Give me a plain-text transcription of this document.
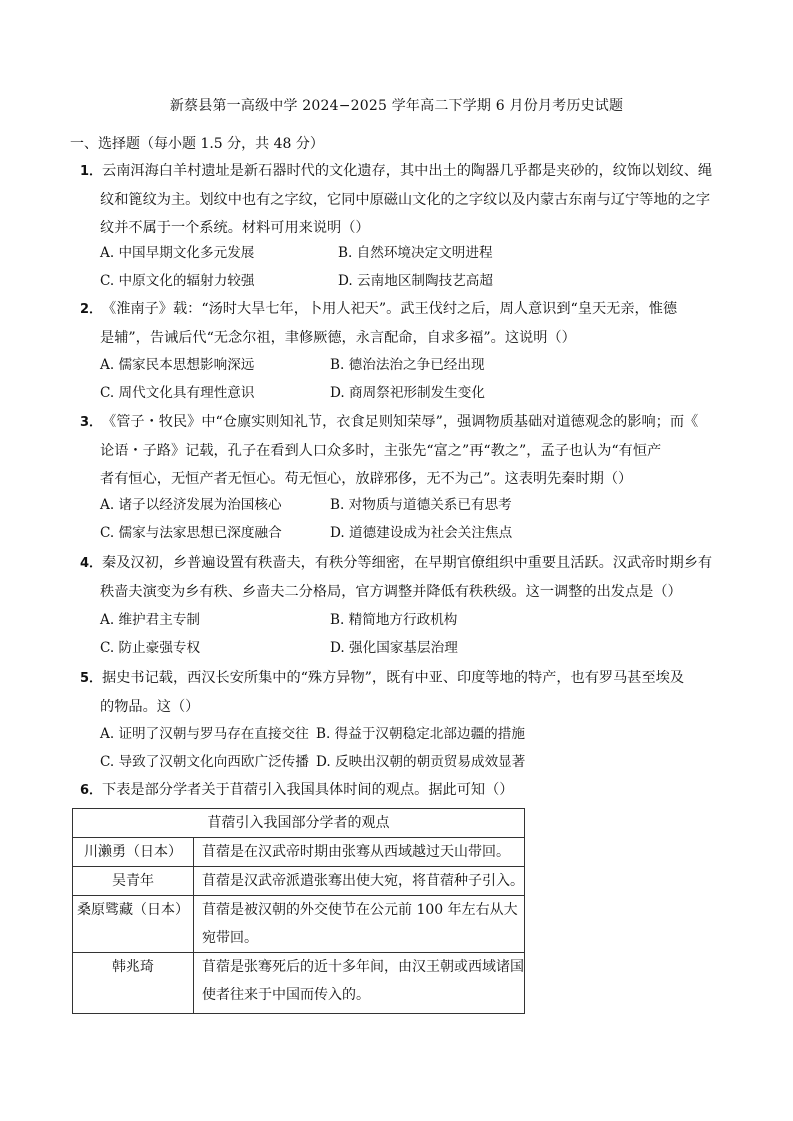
新蔡县第一高级中学 2024−2025 学年高二下学期 6 月份月考历史试题
一、选择题（每小题 1.5 分，共 48 分）
1．云南洱海白羊村遗址是新石器时代的文化遗存，其中出土的陶器几乎都是夹砂的，纹饰以划纹、绳
纹和篦纹为主。划纹中也有之字纹，它同中原磁山文化的之字纹以及内蒙古东南与辽宁等地的之字
纹并不属于一个系统。材料可用来说明（）
A. 中国早期文化多元发展	B. 自然环境决定文明进程
C. 中原文化的辐射力较强	D. 云南地区制陶技艺高超
2．《淮南子》载：“汤时大旱七年，卜用人祀天”。武王伐纣之后，周人意识到“皇天无亲，惟德
是辅”，告诫后代“无念尔祖，聿修厥德，永言配命，自求多福”。这说明（）
A. 儒家民本思想影响深远	B. 德治法治之争已经出现
C. 周代文化具有理性意识	D. 商周祭祀形制发生变化
3．《管子・牧民》中“仓廪实则知礼节，衣食足则知荣辱”，强调物质基础对道德观念的影响；而《
论语・子路》记载，孔子在看到人口众多时，主张先“富之”再“教之”，孟子也认为“有恒产
者有恒心，无恒产者无恒心。苟无恒心，放辟邪侈，无不为己”。这表明先秦时期（）
A. 诸子以经济发展为治国核心	B. 对物质与道德关系已有思考
C. 儒家与法家思想已深度融合	D. 道德建设成为社会关注焦点
4．秦及汉初，乡普遍设置有秩啬夫，有秩分等细密，在早期官僚组织中重要且活跃。汉武帝时期乡有
秩啬夫演变为乡有秩、乡啬夫二分格局，官方调整并降低有秩秩级。这一调整的出发点是（）
A. 维护君主专制	B. 精简地方行政机构
C. 防止豪强专权	D. 强化国家基层治理
5．据史书记载，西汉长安所集中的“殊方异物”，既有中亚、印度等地的特产，也有罗马甚至埃及
的物品。这（）
A. 证明了汉朝与罗马存在直接交往 B. 得益于汉朝稳定北部边疆的措施
C. 导致了汉朝文化向西欧广泛传播 D. 反映出汉朝的朝贡贸易成效显著
6．下表是部分学者关于苜蓿引入我国具体时间的观点。据此可知（）
苜蓿引入我国部分学者的观点	
川濑勇（日本）	苜蓿是在汉武帝时期由张骞从西域越过天山带回。
吴青年	苜蓿是汉武帝派遣张骞出使大宛，将苜蓿种子引入。
桑原骘藏（日本）	苜蓿是被汉朝的外交使节在公元前 100 年左右从大宛带回。
韩兆琦	苜蓿是张骞死后的近十多年间，由汉王朝或西域诸国使者往来于中国而传入的。
